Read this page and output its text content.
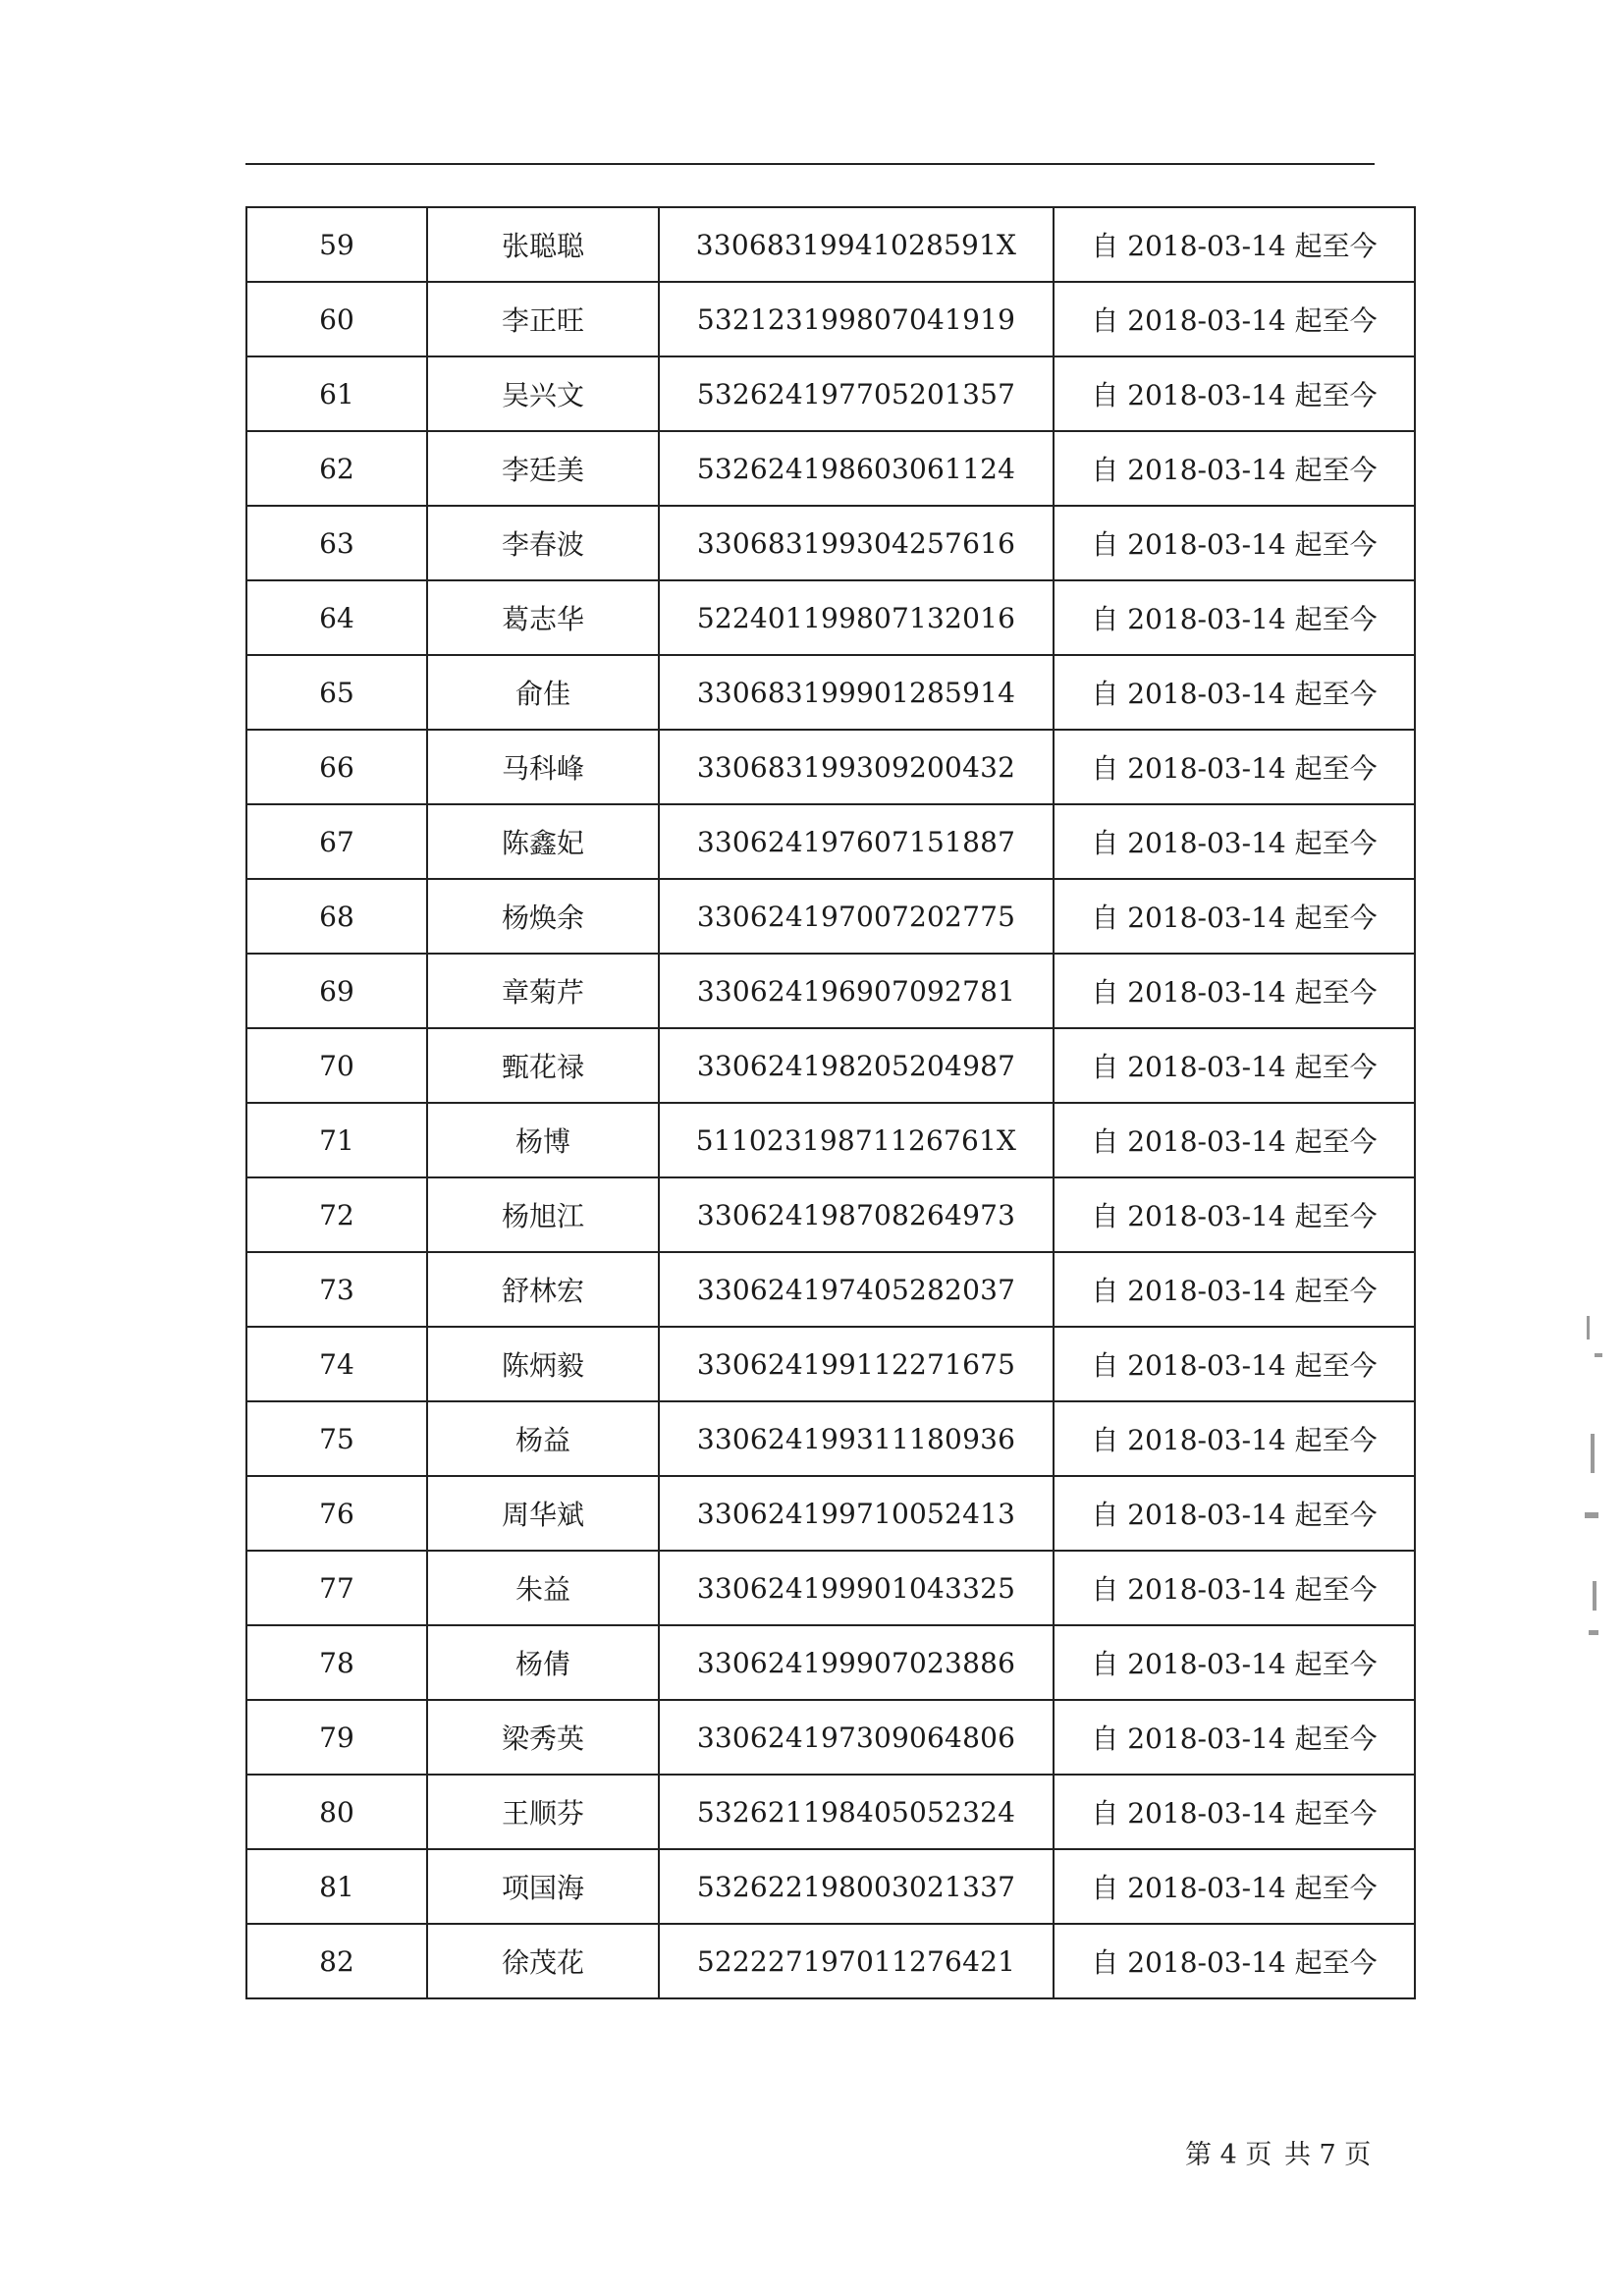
59	张聪聪	33068319941028591X	自 2018-03-14 起至今
60	李正旺	532123199807041919	自 2018-03-14 起至今
61	吴兴文	532624197705201357	自 2018-03-14 起至今
62	李廷美	532624198603061124	自 2018-03-14 起至今
63	李春波	330683199304257616	自 2018-03-14 起至今
64	葛志华	522401199807132016	自 2018-03-14 起至今
65	俞佳	330683199901285914	自 2018-03-14 起至今
66	马科峰	330683199309200432	自 2018-03-14 起至今
67	陈鑫妃	330624197607151887	自 2018-03-14 起至今
68	杨焕余	330624197007202775	自 2018-03-14 起至今
69	章菊芹	330624196907092781	自 2018-03-14 起至今
70	甄花禄	330624198205204987	自 2018-03-14 起至今
71	杨博	51102319871126761X	自 2018-03-14 起至今
72	杨旭江	330624198708264973	自 2018-03-14 起至今
73	舒林宏	330624197405282037	自 2018-03-14 起至今
74	陈炳毅	330624199112271675	自 2018-03-14 起至今
75	杨益	330624199311180936	自 2018-03-14 起至今
76	周华斌	330624199710052413	自 2018-03-14 起至今
77	朱益	330624199901043325	自 2018-03-14 起至今
78	杨倩	330624199907023886	自 2018-03-14 起至今
79	梁秀英	330624197309064806	自 2018-03-14 起至今
80	王顺芬	532621198405052324	自 2018-03-14 起至今
81	项国海	532622198003021337	自 2018-03-14 起至今
82	徐茂花	522227197011276421	自 2018-03-14 起至今
第 4 页 共 7 页
